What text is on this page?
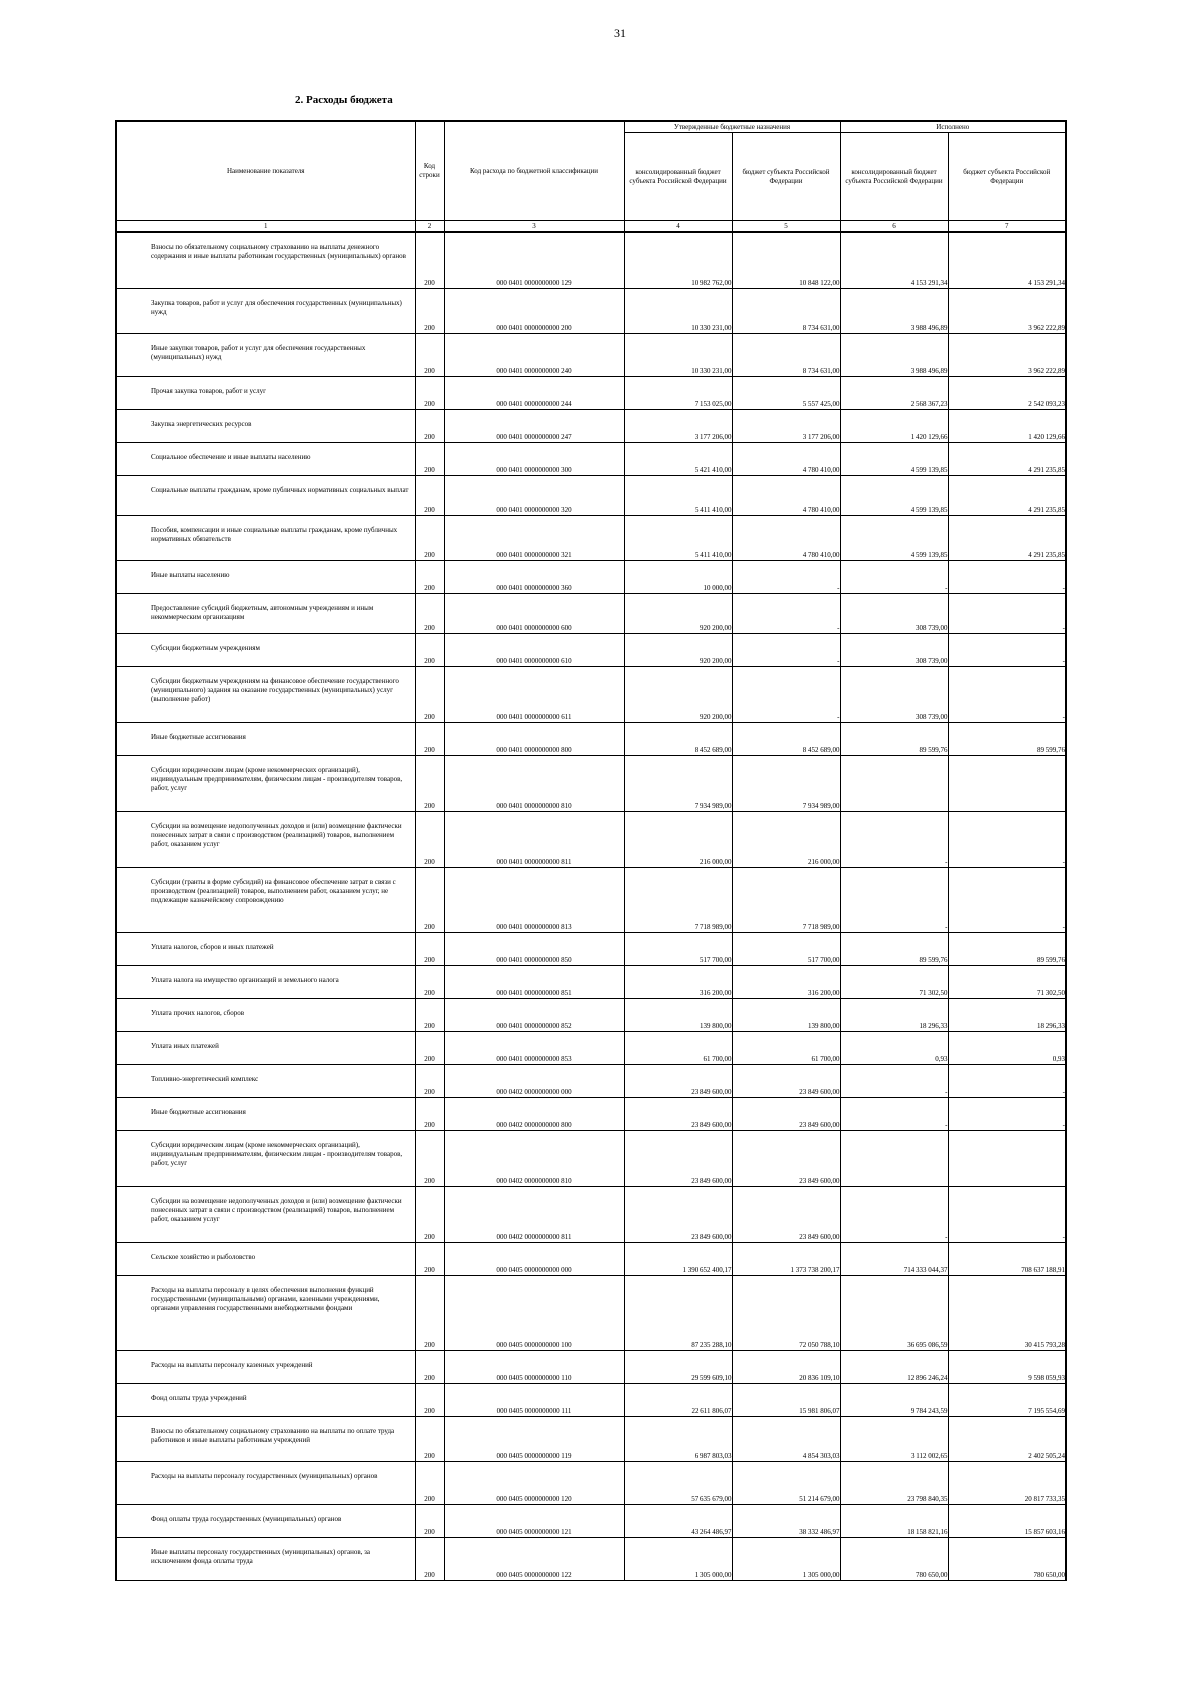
31
2. Расходы бюджета
Наименование показателя	Код строки	Код расхода по бюджетной классификации	Утвержденные бюджетные назначения		Исполнено	
			консолидированный бюджет субъекта Российской Федерации	бюджет субъекта Российской Федерации	консолидированный бюджет субъекта Российской Федерации	бюджет субъекта Российской Федерации
1	2	3	4	5	6	7

Взносы по обязательному социальному страхованию на выплаты денежного содержания и иные выплаты работникам государственных (муниципальных) органов	200	000 0401 0000000000 129	10 982 762,00	10 848 122,00	4 153 291,34	4 153 291,34

Закупка товаров, работ и услуг для обеспечения государственных (муниципальных) нужд	200	000 0401 0000000000 200	10 330 231,00	8 734 631,00	3 988 496,89	3 962 222,89

Иные закупки товаров, работ и услуг для обеспечения государственных (муниципальных) нужд	200	000 0401 0000000000 240	10 330 231,00	8 734 631,00	3 988 496,89	3 962 222,89

Прочая закупка товаров, работ и услуг	200	000 0401 0000000000 244	7 153 025,00	5 557 425,00	2 568 367,23	2 542 093,23

Закупка энергетических ресурсов	200	000 0401 0000000000 247	3 177 206,00	3 177 206,00	1 420 129,66	1 420 129,66

Социальное обеспечение и иные выплаты населению	200	000 0401 0000000000 300	5 421 410,00	4 780 410,00	4 599 139,85	4 291 235,85

Социальные выплаты гражданам, кроме публичных нормативных социальных выплат	200	000 0401 0000000000 320	5 411 410,00	4 780 410,00	4 599 139,85	4 291 235,85

Пособия, компенсации и иные социальные выплаты гражданам, кроме публичных нормативных обязательств	200	000 0401 0000000000 321	5 411 410,00	4 780 410,00	4 599 139,85	4 291 235,85

Иные выплаты населению	200	000 0401 0000000000 360	10 000,00	-	-	-

Предоставление субсидий бюджетным, автономным учреждениям и иным некоммерческим организациям	200	000 0401 0000000000 600	920 200,00	-	308 739,00	-

Субсидии бюджетным учреждениям	200	000 0401 0000000000 610	920 200,00	-	308 739,00	-

Субсидии бюджетным учреждениям на финансовое обеспечение государственного (муниципального) задания на оказание государственных (муниципальных) услуг (выполнение работ)	200	000 0401 0000000000 611	920 200,00	-	308 739,00	-

Иные бюджетные ассигнования	200	000 0401 0000000000 800	8 452 689,00	8 452 689,00	89 599,76	89 599,76

Субсидии юридическим лицам (кроме некоммерческих организаций), индивидуальным предпринимателям, физическим лицам - производителям товаров, работ, услуг	200	000 0401 0000000000 810	7 934 989,00	7 934 989,00		

Субсидии на возмещение недополученных доходов и (или) возмещение фактически понесенных затрат в связи с производством (реализацией) товаров, выполнением работ, оказанием услуг	200	000 0401 0000000000 811	216 000,00	216 000,00	-	-

Субсидии (гранты в форме субсидий) на финансовое обеспечение затрат в связи с производством (реализацией) товаров, выполнением работ, оказанием услуг, не подлежащие казначейскому сопровождению	200	000 0401 0000000000 813	7 718 989,00	7 718 989,00	-	-

Уплата налогов, сборов и иных платежей	200	000 0401 0000000000 850	517 700,00	517 700,00	89 599,76	89 599,76

Уплата налога на имущество организаций и земельного налога	200	000 0401 0000000000 851	316 200,00	316 200,00	71 302,50	71 302,50

Уплата прочих налогов, сборов	200	000 0401 0000000000 852	139 800,00	139 800,00	18 296,33	18 296,33

Уплата иных платежей	200	000 0401 0000000000 853	61 700,00	61 700,00	0,93	0,93

Топливно-энергетический комплекс	200	000 0402 0000000000 000	23 849 600,00	23 849 600,00	-	-

Иные бюджетные ассигнования	200	000 0402 0000000000 800	23 849 600,00	23 849 600,00	-	-

Субсидии юридическим лицам (кроме некоммерческих организаций), индивидуальным предпринимателям, физическим лицам - производителям товаров, работ, услуг	200	000 0402 0000000000 810	23 849 600,00	23 849 600,00		

Субсидии на возмещение недополученных доходов и (или) возмещение фактически понесенных затрат в связи с производством (реализацией) товаров, выполнением работ, оказанием услуг	200	000 0402 0000000000 811	23 849 600,00	23 849 600,00	-	-

Сельское хозяйство и рыболовство	200	000 0405 0000000000 000	1 390 652 400,17	1 373 738 200,17	714 333 044,37	708 637 188,91

Расходы на выплаты персоналу в целях обеспечения выполнения функций государственными (муниципальными) органами, казенными учреждениями, органами управления государственными внебюджетными фондами	200	000 0405 0000000000 100	87 235 288,10	72 050 788,10	36 695 086,59	30 415 793,28

Расходы на выплаты персоналу казенных учреждений	200	000 0405 0000000000 110	29 599 609,10	20 836 109,10	12 896 246,24	9 598 059,93

Фонд оплаты труда учреждений	200	000 0405 0000000000 111	22 611 806,07	15 981 806,07	9 784 243,59	7 195 554,69

Взносы по обязательному социальному страхованию на выплаты по оплате труда работников и иные выплаты работникам учреждений	200	000 0405 0000000000 119	6 987 803,03	4 854 303,03	3 112 002,65	2 402 505,24

Расходы на выплаты персоналу государственных (муниципальных) органов	200	000 0405 0000000000 120	57 635 679,00	51 214 679,00	23 798 840,35	20 817 733,35

Фонд оплаты труда государственных (муниципальных) органов	200	000 0405 0000000000 121	43 264 486,97	38 332 486,97	18 158 821,16	15 857 603,16

Иные выплаты персоналу государственных (муниципальных) органов, за исключением фонда оплаты труда	200	000 0405 0000000000 122	1 305 000,00	1 305 000,00	780 650,00	780 650,00
